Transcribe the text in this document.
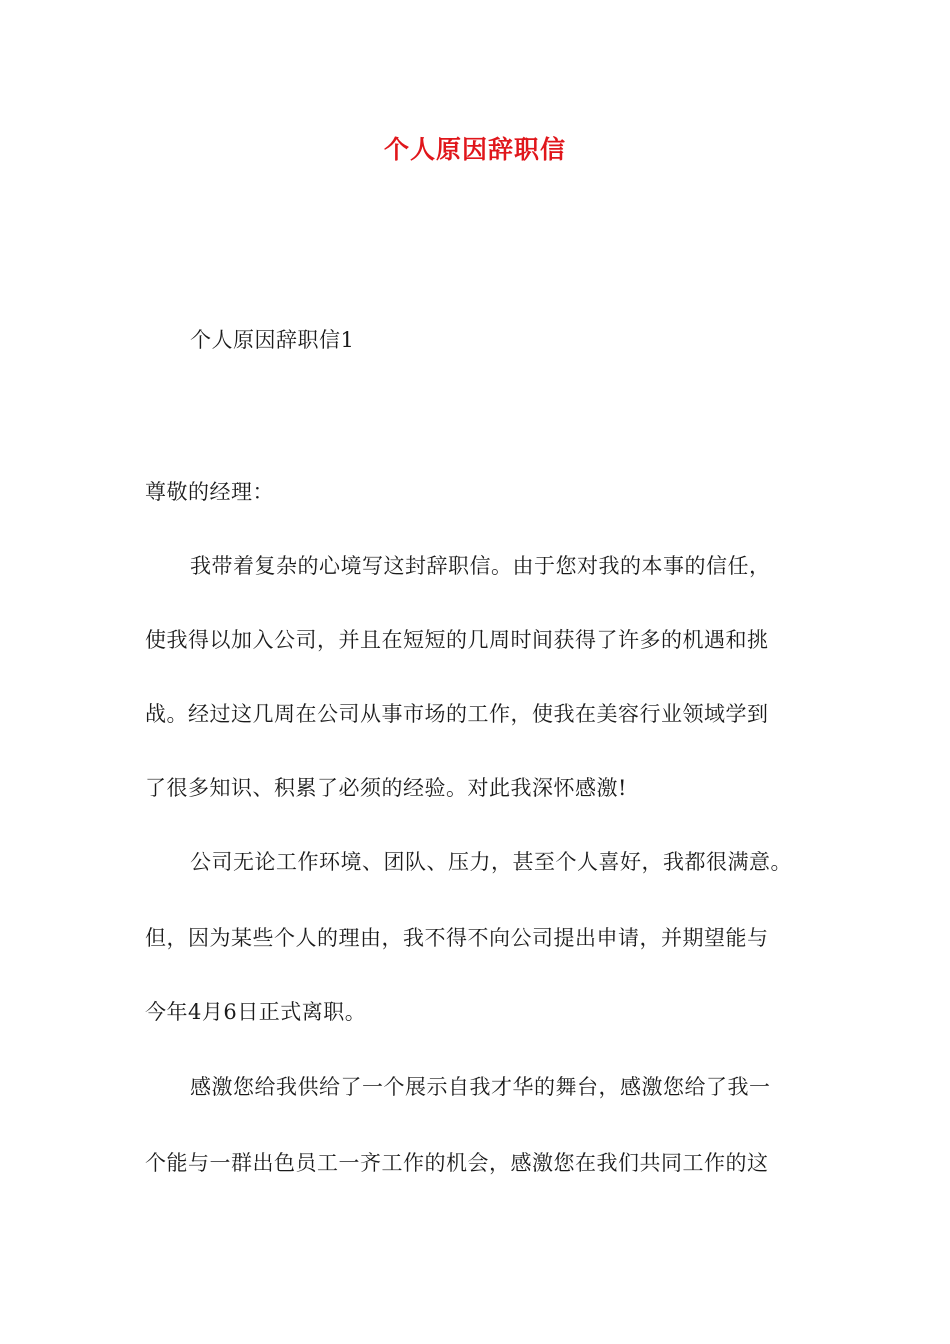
个人原因辞职信
个人原因辞职信1
尊敬的经理：
我带着复杂的心境写这封辞职信。由于您对我的本事的信任，
使我得以加入公司，并且在短短的几周时间获得了许多的机遇和挑
战。经过这几周在公司从事市场的工作，使我在美容行业领域学到
了很多知识、积累了必须的经验。对此我深怀感激!
公司无论工作环境、团队、压力，甚至个人喜好，我都很满意。
但，因为某些个人的理由，我不得不向公司提出申请，并期望能与
今年4月6日正式离职。
感激您给我供给了一个展示自我才华的舞台，感激您给了我一
个能与一群出色员工一齐工作的机会，感激您在我们共同工作的这
